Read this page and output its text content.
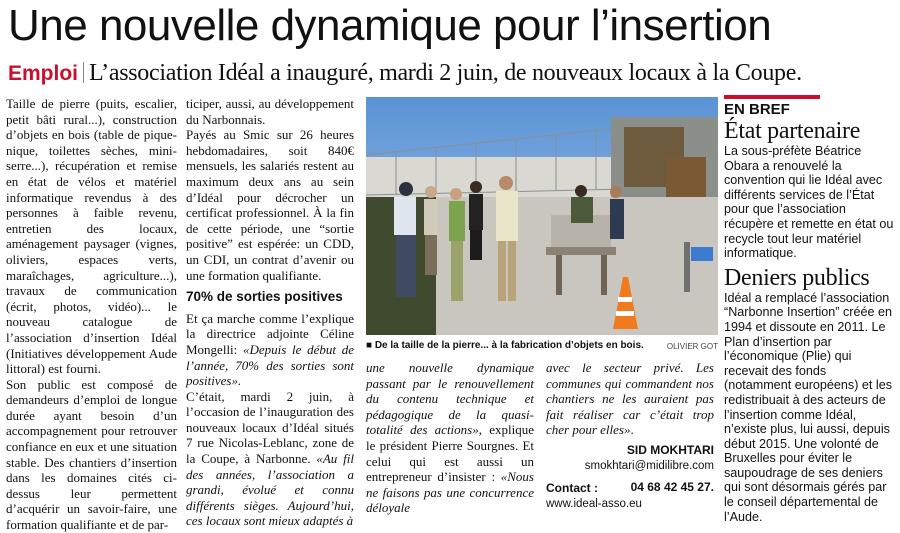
Une nouvelle dynamique pour l’insertion
Emploi L’association Idéal a inauguré, mardi 2 juin, de nouveaux locaux à la Coupe.

Taille de pierre (puits, escalier, petit bâti rural...), construction d’objets en bois (table de pique-nique, toilettes sèches, mini-serre...), récupération et remise en état de vélos et matériel informatique revendus à des personnes à faible revenu, entretien des locaux, aménagement paysager (vignes, oliviers, espaces verts, maraîchages, agriculture...), travaux de communication (écrit, photos, vidéo)... le nouveau catalogue de l’association d’insertion Idéal (Initiatives développement Aude littoral) est fourni.

Son public est composé de demandeurs d’emploi de longue durée ayant besoin d’un accompagnement pour retrouver confiance en eux et une situation stable. Des chantiers d’insertion dans les domaines cités ci-dessus leur permettent d’acquérir un savoir-faire, une formation qualifiante et de par-

ticiper, aussi, au développement du Narbonnais.

Payés au Smic sur 26 heures hebdomadaires, soit 840€ mensuels, les salariés restent au maximum deux ans au sein d’Idéal pour décrocher un certificat professionnel. À la fin de cette période, une “sortie positive” est espérée: un CDD, un CDI, un contrat d’avenir ou une formation qualifiante.

70% de sorties positives

Et ça marche comme l’explique la directrice adjointe Céline Mongelli: «Depuis le début de l’année, 70% des sorties sont positives».

C’était, mardi 2 juin, à l’occasion de l’inauguration des nouveaux locaux d’Idéal situés 7 rue Nicolas-Leblanc, zone de la Coupe, à Narbonne. «Au fil des années, l’association a grandi, évolué et connu différents sièges. Aujourd’hui, ces locaux sont mieux adaptés à

■ De la taille de la pierre... à la fabrication d’objets en bois.	OLIVIER GOT

une nouvelle dynamique passant par le renouvellement du contenu technique et pédagogique de la quasi-totalité des actions», explique le président Pierre Sourgnes. Et celui qui est aussi un entrepreneur d’insister : «Nous ne faisons pas une concurrence déloyale

avec le secteur privé. Les communes qui commandent nos chantiers ne les auraient pas fait réaliser car c’était trop cher pour elles».

SID MOKHTARI
smokhtari@midilibre.com
Contact :	04 68 42 45 27.
www.ideal-asso.eu
EN BREF
État partenaire
La sous-préfète Béatrice Obara a renouvelé la convention qui lie Idéal avec différents services de l’État pour que l’association récupère et remette en état ou recycle tout leur matériel informatique.
Deniers publics
Idéal a remplacé l’association “Narbonne Insertion” créée en 1994 et dissoute en 2011. Le Plan d’insertion par l’économique (Plie) qui recevait des fonds (notamment européens) et les redistribuait à des acteurs de l’insertion comme Idéal, n’existe plus, lui aussi, depuis début 2015. Une volonté de Bruxelles pour éviter le saupoudrage de ses deniers qui sont désormais gérés par le conseil départemental de l’Aude.
